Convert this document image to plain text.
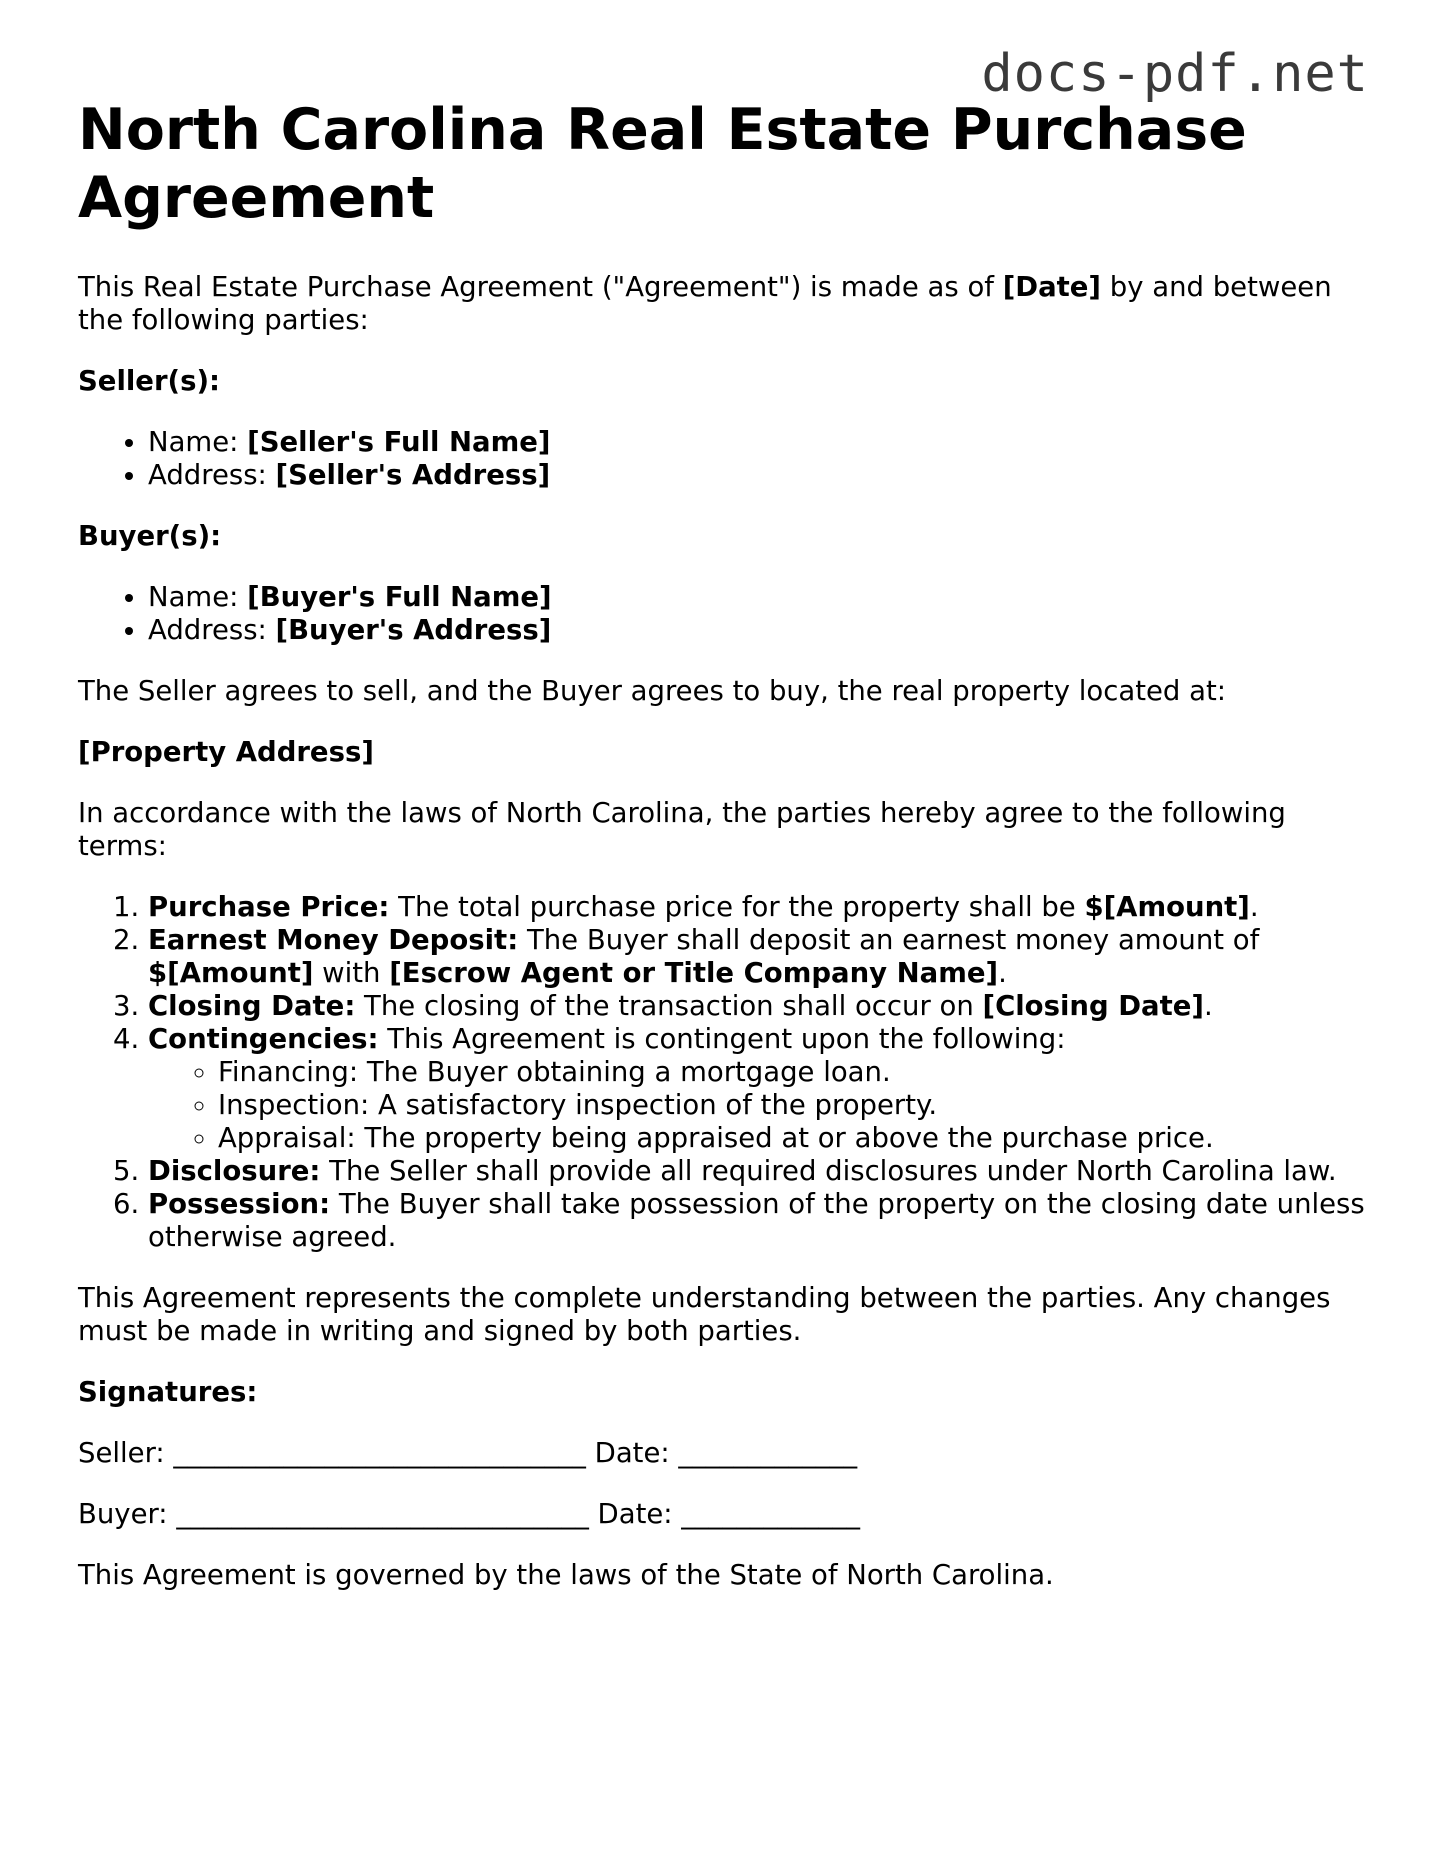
docs-pdf.net
North Carolina Real Estate Purchase Agreement

This Real Estate Purchase Agreement ("Agreement") is made as of [Date] by and between the following parties:

Seller(s):

• Name: [Seller's Full Name]
• Address: [Seller's Address]

Buyer(s):

• Name: [Buyer's Full Name]
• Address: [Buyer's Address]

The Seller agrees to sell, and the Buyer agrees to buy, the real property located at:

[Property Address]

In accordance with the laws of North Carolina, the parties hereby agree to the following terms:

1. Purchase Price: The total purchase price for the property shall be $[Amount].
2. Earnest Money Deposit: The Buyer shall deposit an earnest money amount of $[Amount] with [Escrow Agent or Title Company Name].
3. Closing Date: The closing of the transaction shall occur on [Closing Date].
4. Contingencies: This Agreement is contingent upon the following:
◦ Financing: The Buyer obtaining a mortgage loan.
◦ Inspection: A satisfactory inspection of the property.
◦ Appraisal: The property being appraised at or above the purchase price.
5. Disclosure: The Seller shall provide all required disclosures under North Carolina law.
6. Possession: The Buyer shall take possession of the property on the closing date unless otherwise agreed.

This Agreement represents the complete understanding between the parties. Any changes must be made in writing and signed by both parties.

Signatures:

Seller: ______________________________ Date: _____________

Buyer: ______________________________ Date: _____________

This Agreement is governed by the laws of the State of North Carolina.
